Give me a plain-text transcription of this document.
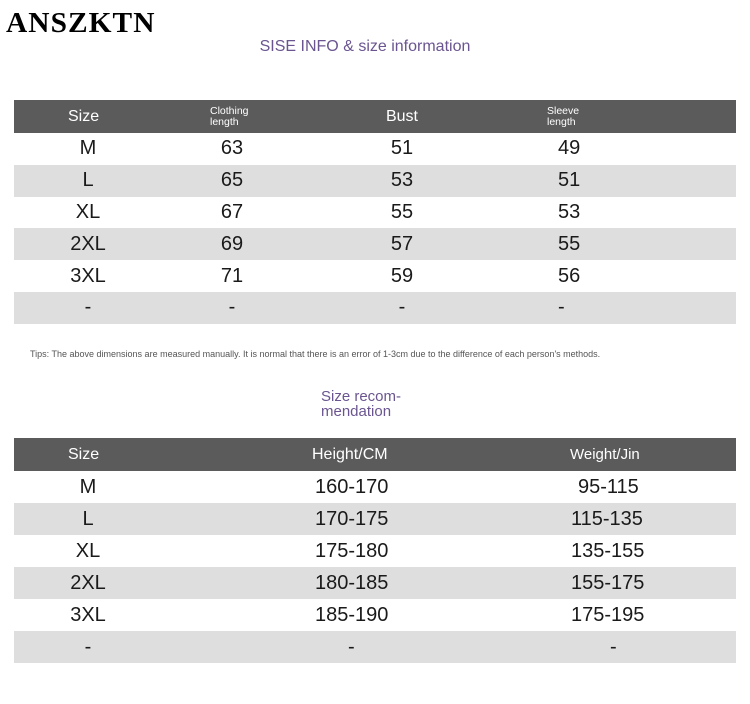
ANSZKTN
SISE INFO & size information
Size	Clothing length	Bust	Sleeve length
M	63	51	49
L	65	53	51
XL	67	55	53
2XL	69	57	55
3XL	71	59	56
-	-	-	-
Tips: The above dimensions are measured manually. It is normal that there is an error of 1-3cm due to the difference of each person's methods.
Size recom-
mendation
Size	Height/CM	Weight/Jin
M	160-170	95-115
L	170-175	115-135
XL	175-180	135-155
2XL	180-185	155-175
3XL	185-190	175-195
-	-	-
